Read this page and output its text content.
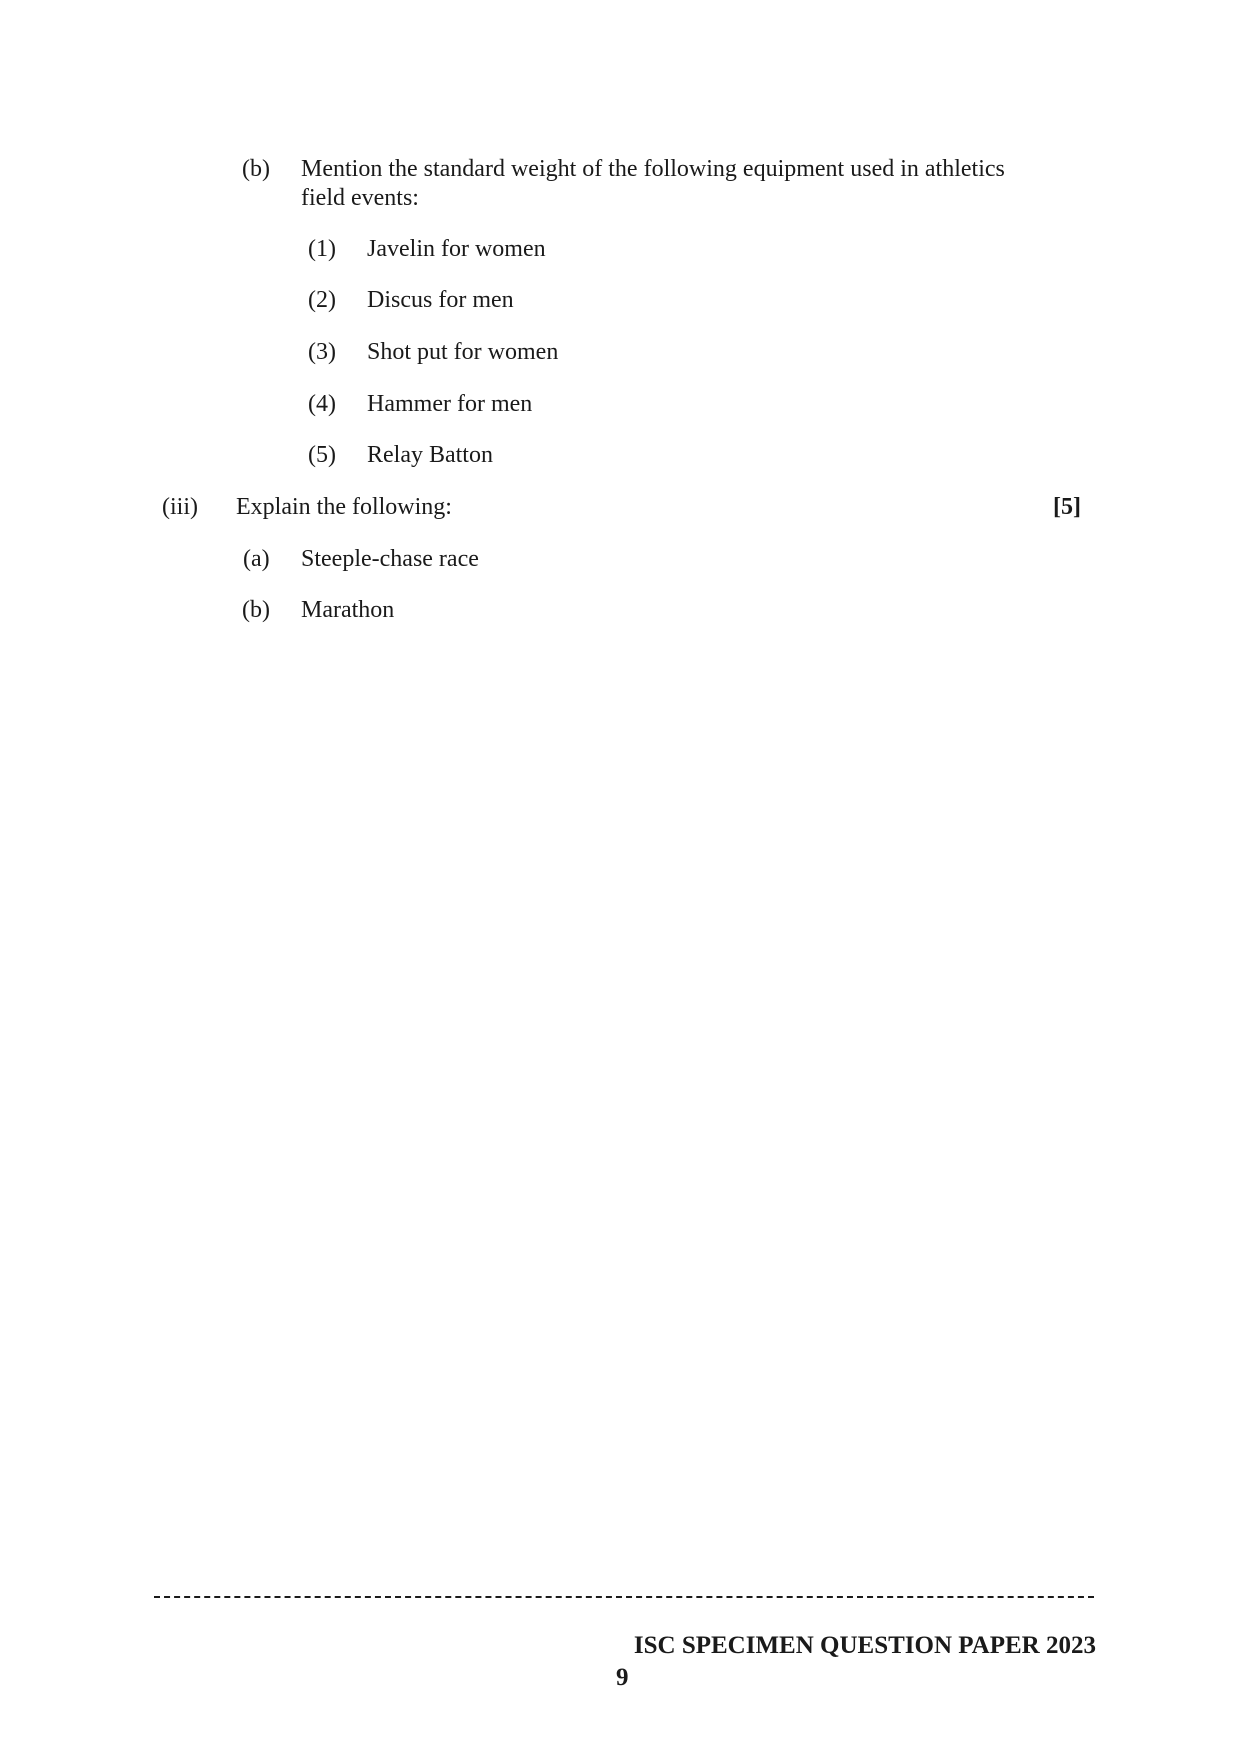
(b) Mention the standard weight of the following equipment used in athletics
field events:
(1) Javelin for women
(2) Discus for men
(3) Shot put for women
(4) Hammer for men
(5) Relay Batton
(iii) Explain the following:	[5]
(a) Steeple-chase race
(b) Marathon
ISC SPECIMEN QUESTION PAPER 2023
9
